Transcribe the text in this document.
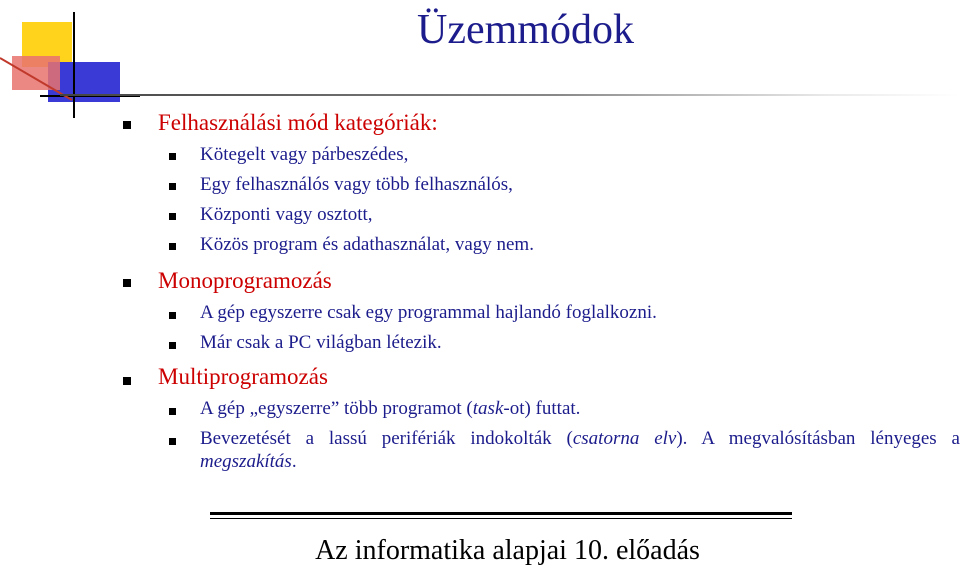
Üzemmódok
Felhasználási mód kategóriák:
Kötegelt vagy párbeszédes,
Egy felhasználós vagy több felhasználós,
Központi vagy osztott,
Közös program és adathasználat, vagy nem.
Monoprogramozás
A gép egyszerre csak egy programmal hajlandó foglalkozni.
Már csak a PC világban létezik.
Multiprogramozás
A gép „egyszerre” több programot (task-ot) futtat.
Bevezetését a lassú perifériák indokolták (csatorna elv). A megvalósításban lényeges a megszakítás.
Az informatika alapjai 10. előadás
